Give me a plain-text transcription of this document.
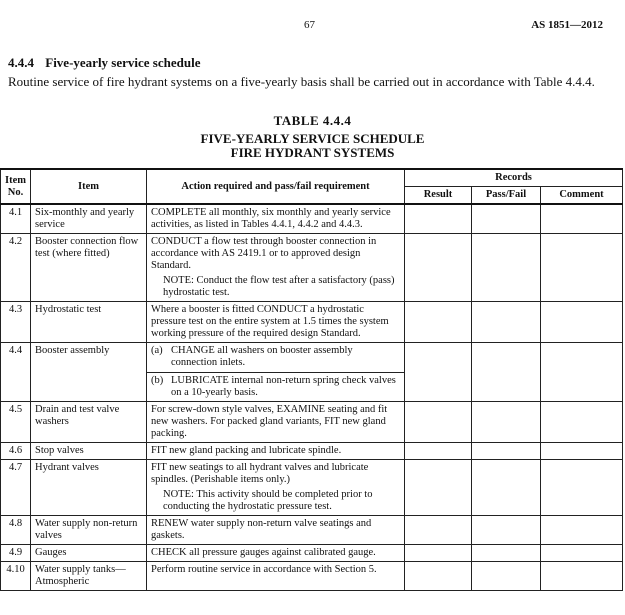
67	AS 1851—2012
4.4.4 Five-yearly service schedule
Routine service of fire hydrant systems on a five-yearly basis shall be carried out in accordance with Table 4.4.4.
TABLE 4.4.4
FIVE-YEARLY SERVICE SCHEDULE
FIRE HYDRANT SYSTEMS
Item No.	Item	Action required and pass/fail requirement	Records		
			Result	Pass/Fail	Comment
4.1	Six-monthly and yearly service	COMPLETE all monthly, six monthly and yearly service activities, as listed in Tables 4.4.1, 4.4.2 and 4.4.3.			
4.2	Booster connection flow test (where fitted)	CONDUCT a flow test through booster connection in accordance with AS 2419.1 or to approved design Standard.
NOTE: Conduct the flow test after a satisfactory (pass) hydrostatic test.			

4.3	Hydrostatic test	Where a booster is fitted CONDUCT a hydrostatic pressure test on the entire system at 1.5 times the system working pressure of the required design Standard.			
4.4	Booster assembly	(a) CHANGE all washers on booster assembly connection inlets.
(b) LUBRICATE internal non-return spring check valves on a 10-yearly basis.			

4.5	Drain and test valve washers	For screw-down style valves, EXAMINE seating and fit new washers. For packed gland variants, FIT new gland packing.			
4.6	Stop valves	FIT new gland packing and lubricate spindle.			
4.7	Hydrant valves	FIT new seatings to all hydrant valves and lubricate spindles. (Perishable items only.)
NOTE: This activity should be completed prior to conducting the hydrostatic pressure test.			

4.8	Water supply non-return valves	RENEW water supply non-return valve seatings and gaskets.			
4.9	Gauges	CHECK all pressure gauges against calibrated gauge.			
4.10	Water supply tanks—Atmospheric	Perform routine service in accordance with Section 5.			
